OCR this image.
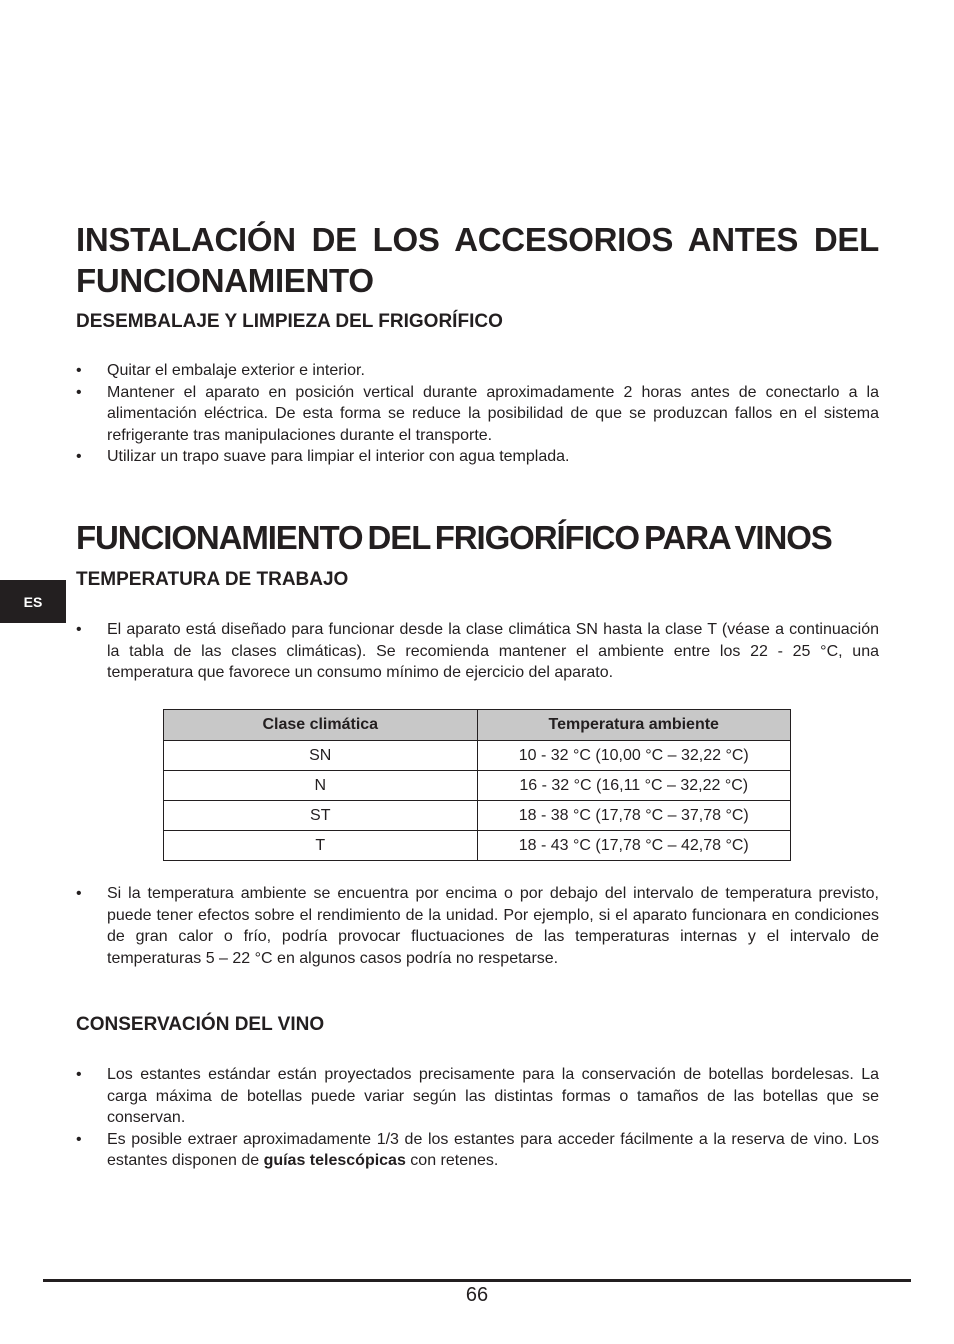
INSTALACIÓN DE LOS ACCESORIOS ANTES DEL FUNCIONAMIENTO
DESEMBALAJE Y LIMPIEZA DEL FRIGORÍFICO
• Quitar el embalaje exterior e interior.
• Mantener el aparato en posición vertical durante aproximadamente 2 horas antes de conectarlo a la alimentación eléctrica. De esta forma se reduce la posibilidad de que se produzcan fallos en el sistema refrigerante tras manipulaciones durante el transporte.
• Utilizar un trapo suave para limpiar el interior con agua templada.
FUNCIONAMIENTO DEL FRIGORÍFICO PARA VINOS
TEMPERATURA DE TRABAJO
ES
• El aparato está diseñado para funcionar desde la clase climática SN hasta la clase T (véase a continuación la tabla de las clases climáticas). Se recomienda mantener el ambiente entre los 22 - 25 °C, una temperatura que favorece un consumo mínimo de ejercicio del aparato.
Clase climática	Temperatura ambiente
SN	10 - 32 °C (10,00 °C – 32,22 °C)
N	16 - 32 °C (16,11 °C – 32,22 °C)
ST	18 - 38 °C (17,78 °C – 37,78 °C)
T	18 - 43 °C (17,78 °C – 42,78 °C)
• Si la temperatura ambiente se encuentra por encima o por debajo del intervalo de temperatura previsto, puede tener efectos sobre el rendimiento de la unidad. Por ejemplo, si el aparato funcionara en condiciones de gran calor o frío, podría provocar fluctuaciones de las temperaturas internas y el intervalo de temperaturas 5 – 22 °C en algunos casos podría no respetarse.
CONSERVACIÓN DEL VINO
• Los estantes estándar están proyectados precisamente para la conservación de botellas bordelesas. La carga máxima de botellas puede variar según las distintas formas o tamaños de las botellas que se conservan.
• Es posible extraer aproximadamente 1/3 de los estantes para acceder fácilmente a la reserva de vino. Los estantes disponen de guías telescópicas con retenes.
66
